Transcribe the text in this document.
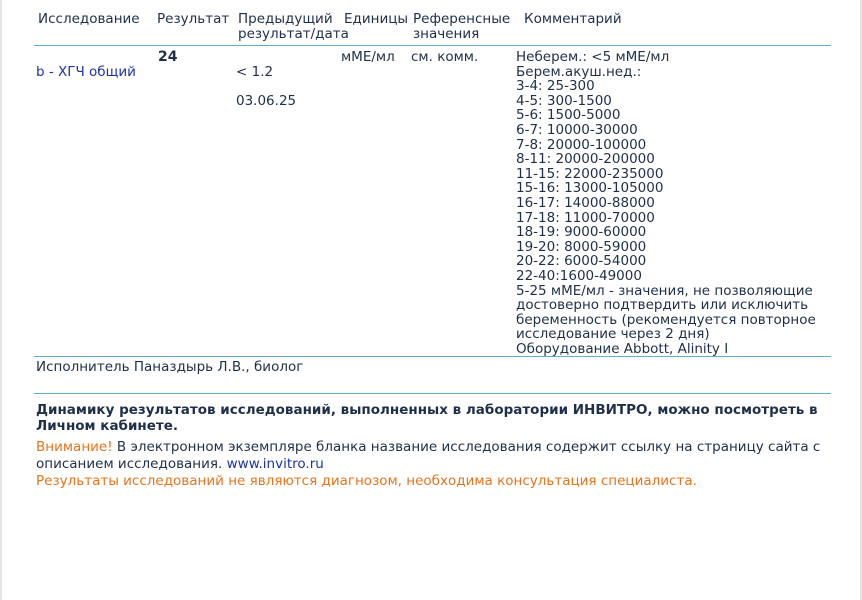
Исследование Результат Предыдущий
результат/дата
Единицы Референсные
значения
Комментарий

b - ХГЧ общий

24

< 1.2

03.06.25

мМЕ/мл см. комм.	Неберем.: <5 мМЕ/мл
Берем.акуш.нед.:
3-4: 25-300
4-5: 300-1500
5-6: 1500-5000
6-7: 10000-30000
7-8: 20000-100000
8-11: 20000-200000
11-15: 22000-235000
15-16: 13000-105000
16-17: 14000-88000
17-18: 11000-70000
18-19: 9000-60000
19-20: 8000-59000
20-22: 6000-54000
22-40:1600-49000
5-25 мМЕ/мл - значения, не позволяющие
достоверно подтвердить или исключить
беременность (рекомендуется повторное
исследование через 2 дня)
Оборудование Abbott, Alinity I
Исполнитель Паназдырь Л.В., биолог
Динамику результатов исследований, выполненных в лаборатории ИНВИТРО, можно посмотреть в Личном кабинете.
Внимание! В электронном экземпляре бланка название исследования содержит ссылку на страницу сайта с описанием исследования. www.invitro.ru
Результаты исследований не являются диагнозом, необходима консультация специалиста.
